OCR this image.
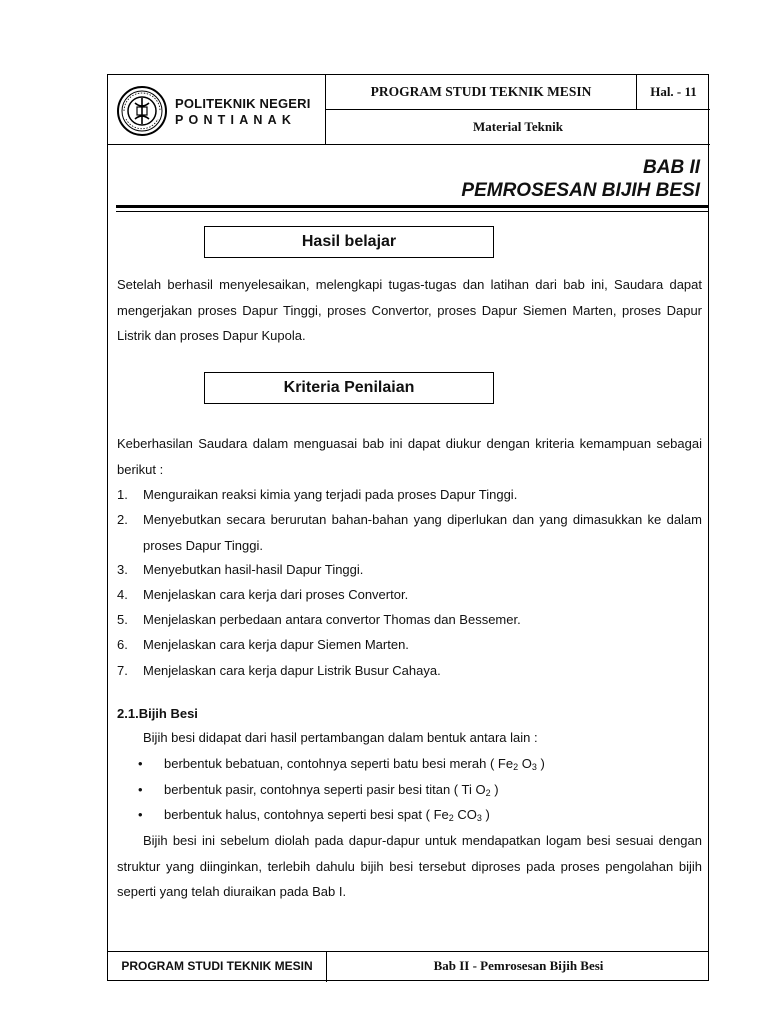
POLITEKNIK NEGERI
PONTIANAK
PROGRAM STUDI TEKNIK MESIN	Hal. - 11
Material Teknik
BAB II
PEMROSESAN BIJIH BESI
Hasil belajar
Setelah berhasil menyelesaikan, melengkapi tugas-tugas dan latihan dari bab ini, Saudara dapat mengerjakan proses Dapur Tinggi, proses Convertor, proses Dapur Siemen Marten, proses Dapur Listrik dan proses Dapur Kupola.
Kriteria Penilaian
Keberhasilan Saudara dalam menguasai bab ini dapat diukur dengan kriteria kemampuan sebagai berikut :
1. Menguraikan reaksi kimia yang terjadi pada proses Dapur Tinggi.
2. Menyebutkan secara berurutan bahan-bahan yang diperlukan dan yang dimasukkan ke dalam proses Dapur Tinggi.
3. Menyebutkan hasil-hasil Dapur Tinggi.
4. Menjelaskan cara kerja dari proses Convertor.
5. Menjelaskan perbedaan antara convertor Thomas dan Bessemer.
6. Menjelaskan cara kerja dapur Siemen Marten.
7. Menjelaskan cara kerja dapur Listrik Busur Cahaya.
2.1.Bijih Besi
Bijih besi didapat dari hasil pertambangan dalam bentuk antara lain :
• berbentuk bebatuan, contohnya seperti batu besi merah ( $Fe_2$ $O_3$ )
• berbentuk pasir, contohnya seperti pasir besi titan ( Ti $O_2$ )
• berbentuk halus, contohnya seperti besi spat ( $Fe_2$ $CO_3$ )
Bijih besi ini sebelum diolah pada dapur-dapur untuk mendapatkan logam besi sesuai dengan struktur yang diinginkan, terlebih dahulu bijih besi tersebut diproses pada proses pengolahan bijih seperti yang telah diuraikan pada Bab I.
PROGRAM STUDI TEKNIK MESIN	Bab II - Pemrosesan Bijih Besi
